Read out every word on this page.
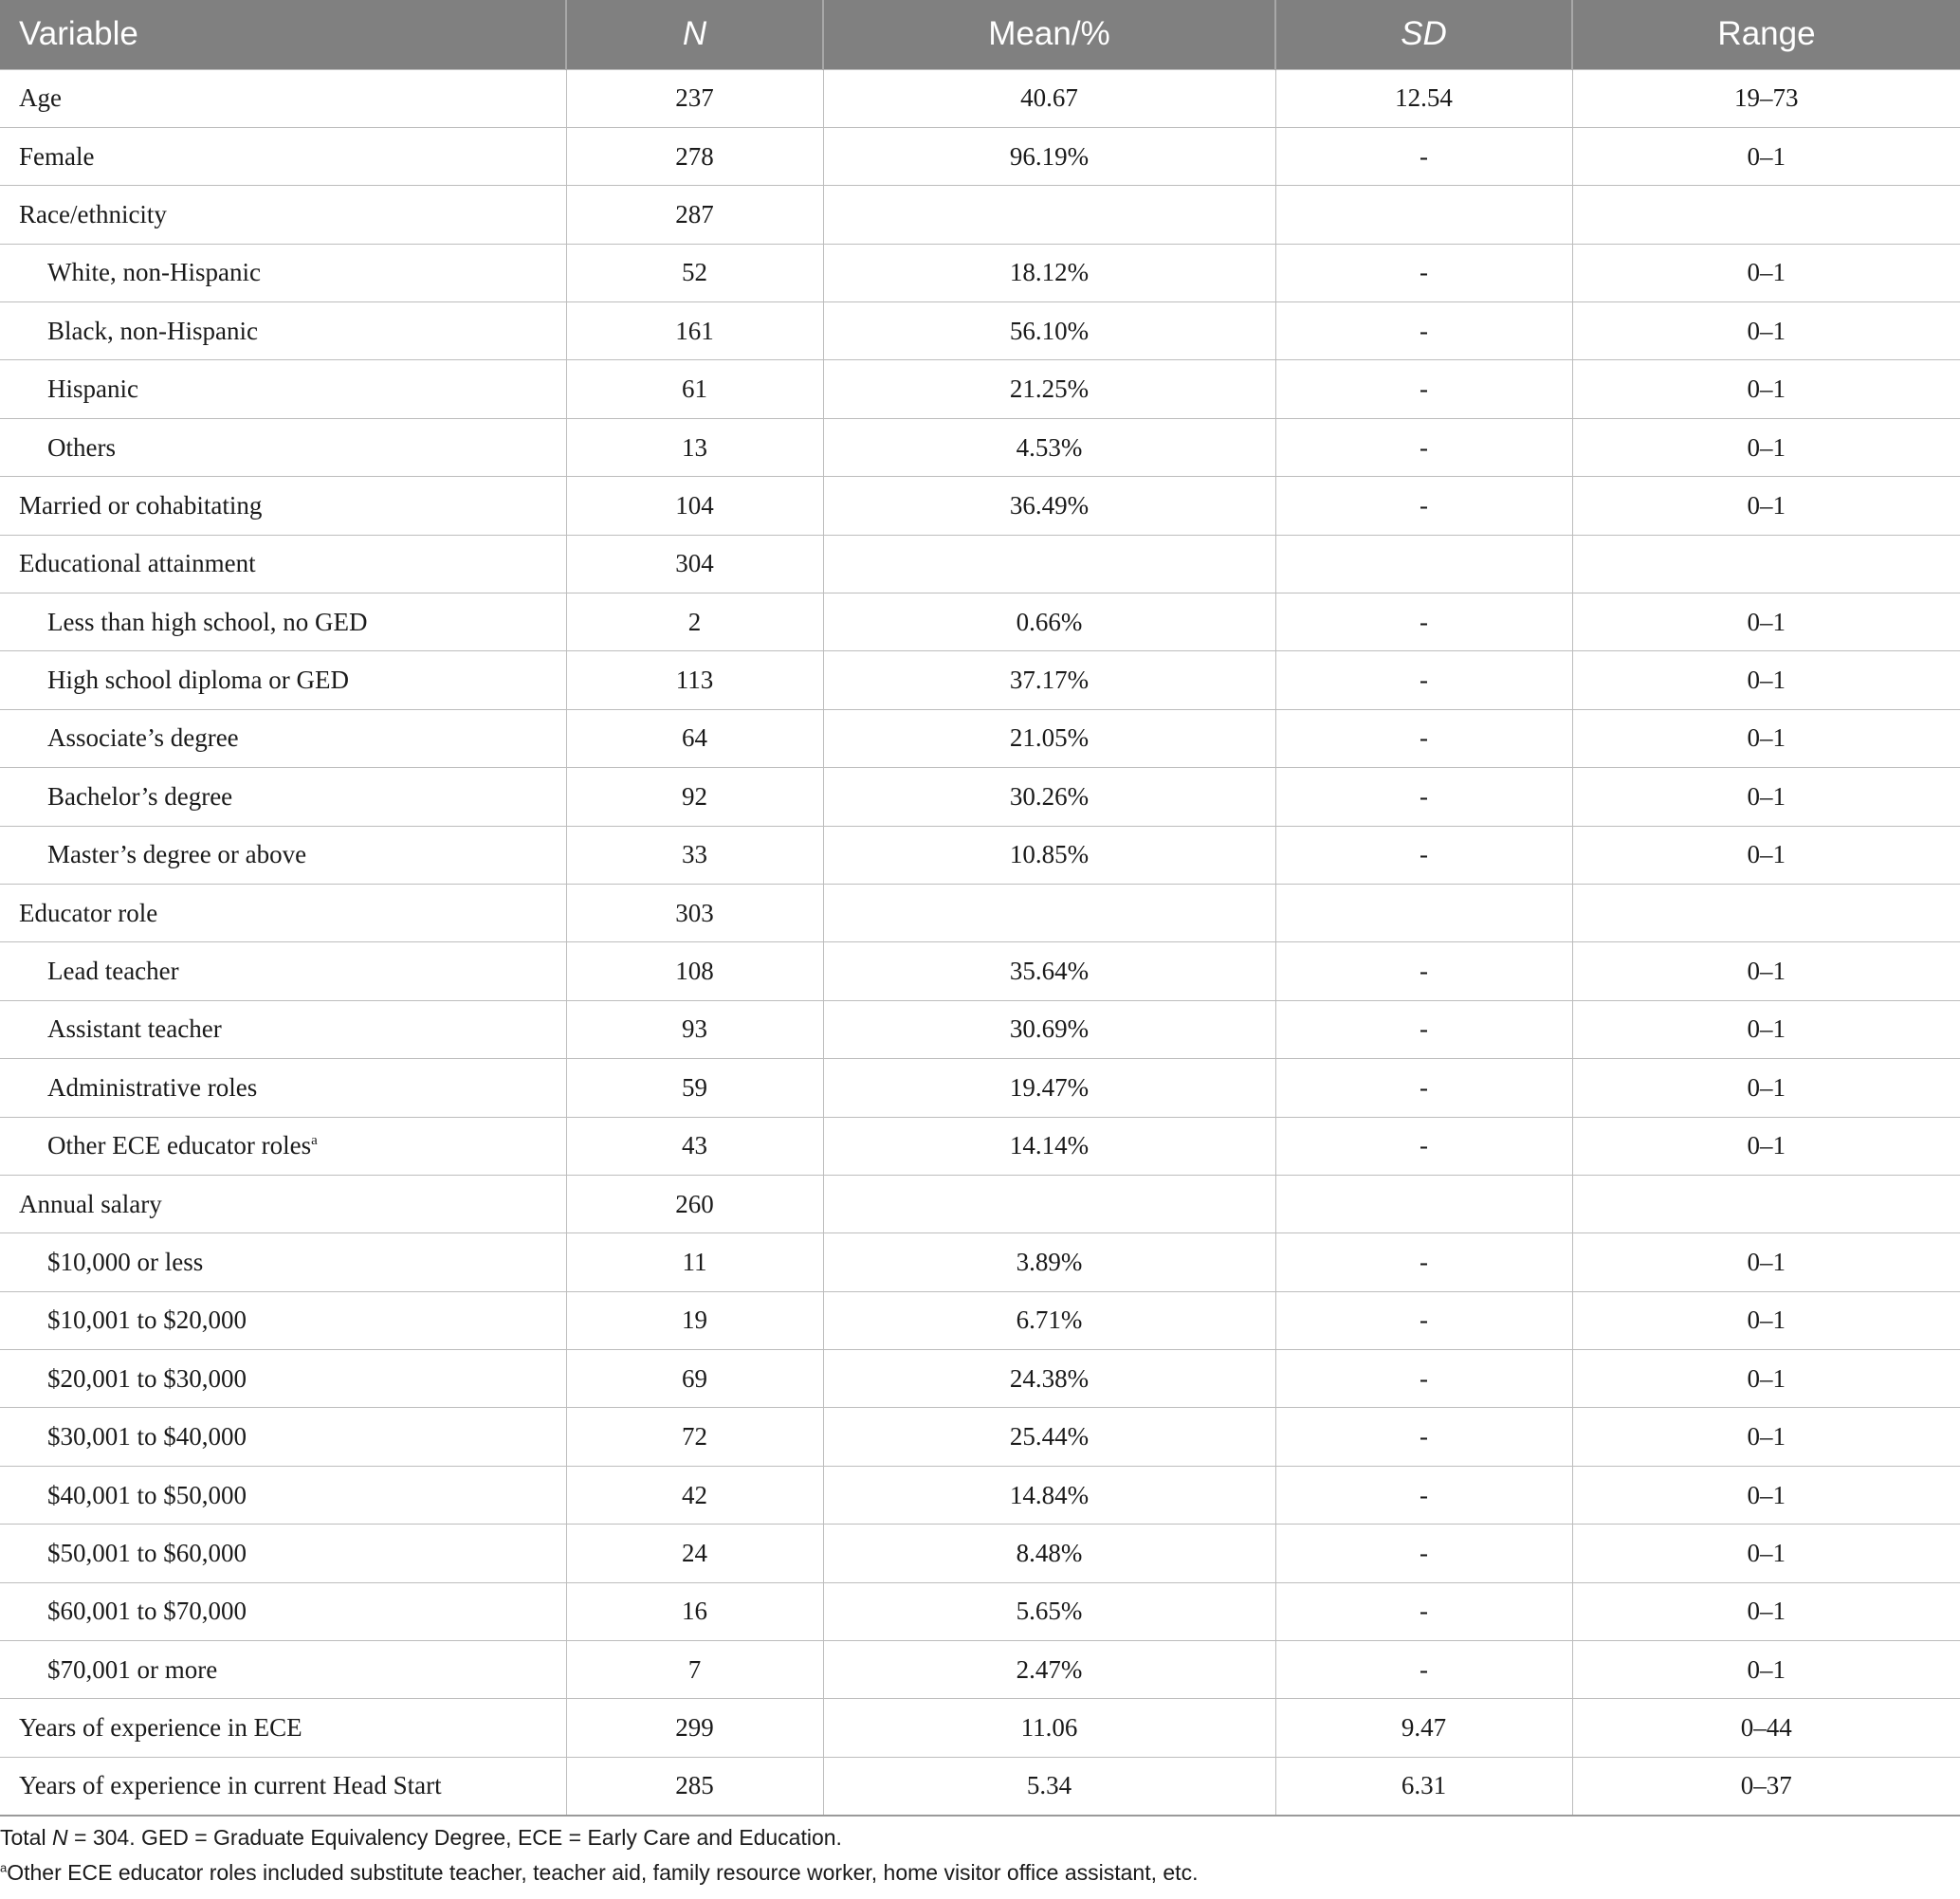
Variable	N	Mean/%	SD	Range
Age	237	40.67	12.54	19–73
Female	278	96.19%	-	0–1
Race/ethnicity	287			
White, non-Hispanic	52	18.12%	-	0–1
Black, non-Hispanic	161	56.10%	-	0–1
Hispanic	61	21.25%	-	0–1
Others	13	4.53%	-	0–1
Married or cohabitating	104	36.49%	-	0–1
Educational attainment	304			
Less than high school, no GED	2	0.66%	-	0–1
High school diploma or GED	113	37.17%	-	0–1
Associate’s degree	64	21.05%	-	0–1
Bachelor’s degree	92	30.26%	-	0–1
Master’s degree or above	33	10.85%	-	0–1
Educator role	303			
Lead teacher	108	35.64%	-	0–1
Assistant teacher	93	30.69%	-	0–1
Administrative roles	59	19.47%	-	0–1
Other ECE educator roles$^a$	43	14.14%	-	0–1
Annual salary	260			
$10,000 or less	11	3.89%	-	0–1
$10,001 to $20,000	19	6.71%	-	0–1
$20,001 to $30,000	69	24.38%	-	0–1
$30,001 to $40,000	72	25.44%	-	0–1
$40,001 to $50,000	42	14.84%	-	0–1
$50,001 to $60,000	24	8.48%	-	0–1
$60,001 to $70,000	16	5.65%	-	0–1
$70,001 or more	7	2.47%	-	0–1
Years of experience in ECE	299	11.06	9.47	0–44
Years of experience in current Head Start	285	5.34	6.31	0–37

Total N = 304. GED = Graduate Equivalency Degree, ECE = Early Care and Education.

$^a$Other ECE educator roles included substitute teacher, teacher aid, family resource worker, home visitor office assistant, etc.
